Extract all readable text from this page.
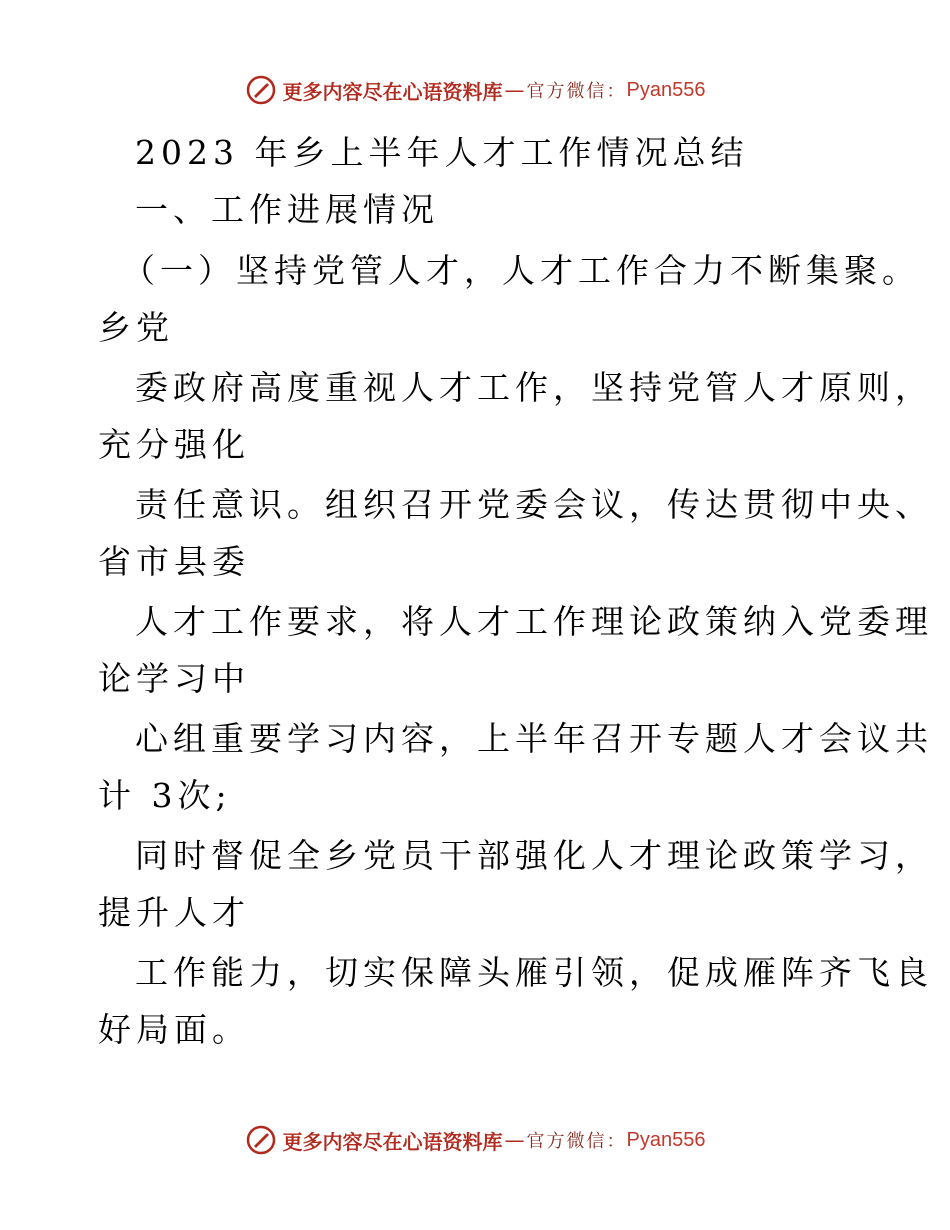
更多内容尽在心语资料库 — 官方微信： Pyan556
2023 年乡上半年人才工作情况总结
一、工作进展情况
（一）坚持党管人才，人才工作合力不断集聚。
乡党
委政府高度重视人才工作，坚持党管人才原则，
充分强化
责任意识。组织召开党委会议，传达贯彻中央、
省市县委
人才工作要求，将人才工作理论政策纳入党委理
论学习中
心组重要学习内容，上半年召开专题人才会议共
计 3次;
同时督促全乡党员干部强化人才理论政策学习，
提升人才
工作能力，切实保障头雁引领，促成雁阵齐飞良
好局面。
更多内容尽在心语资料库 — 官方微信： Pyan556
